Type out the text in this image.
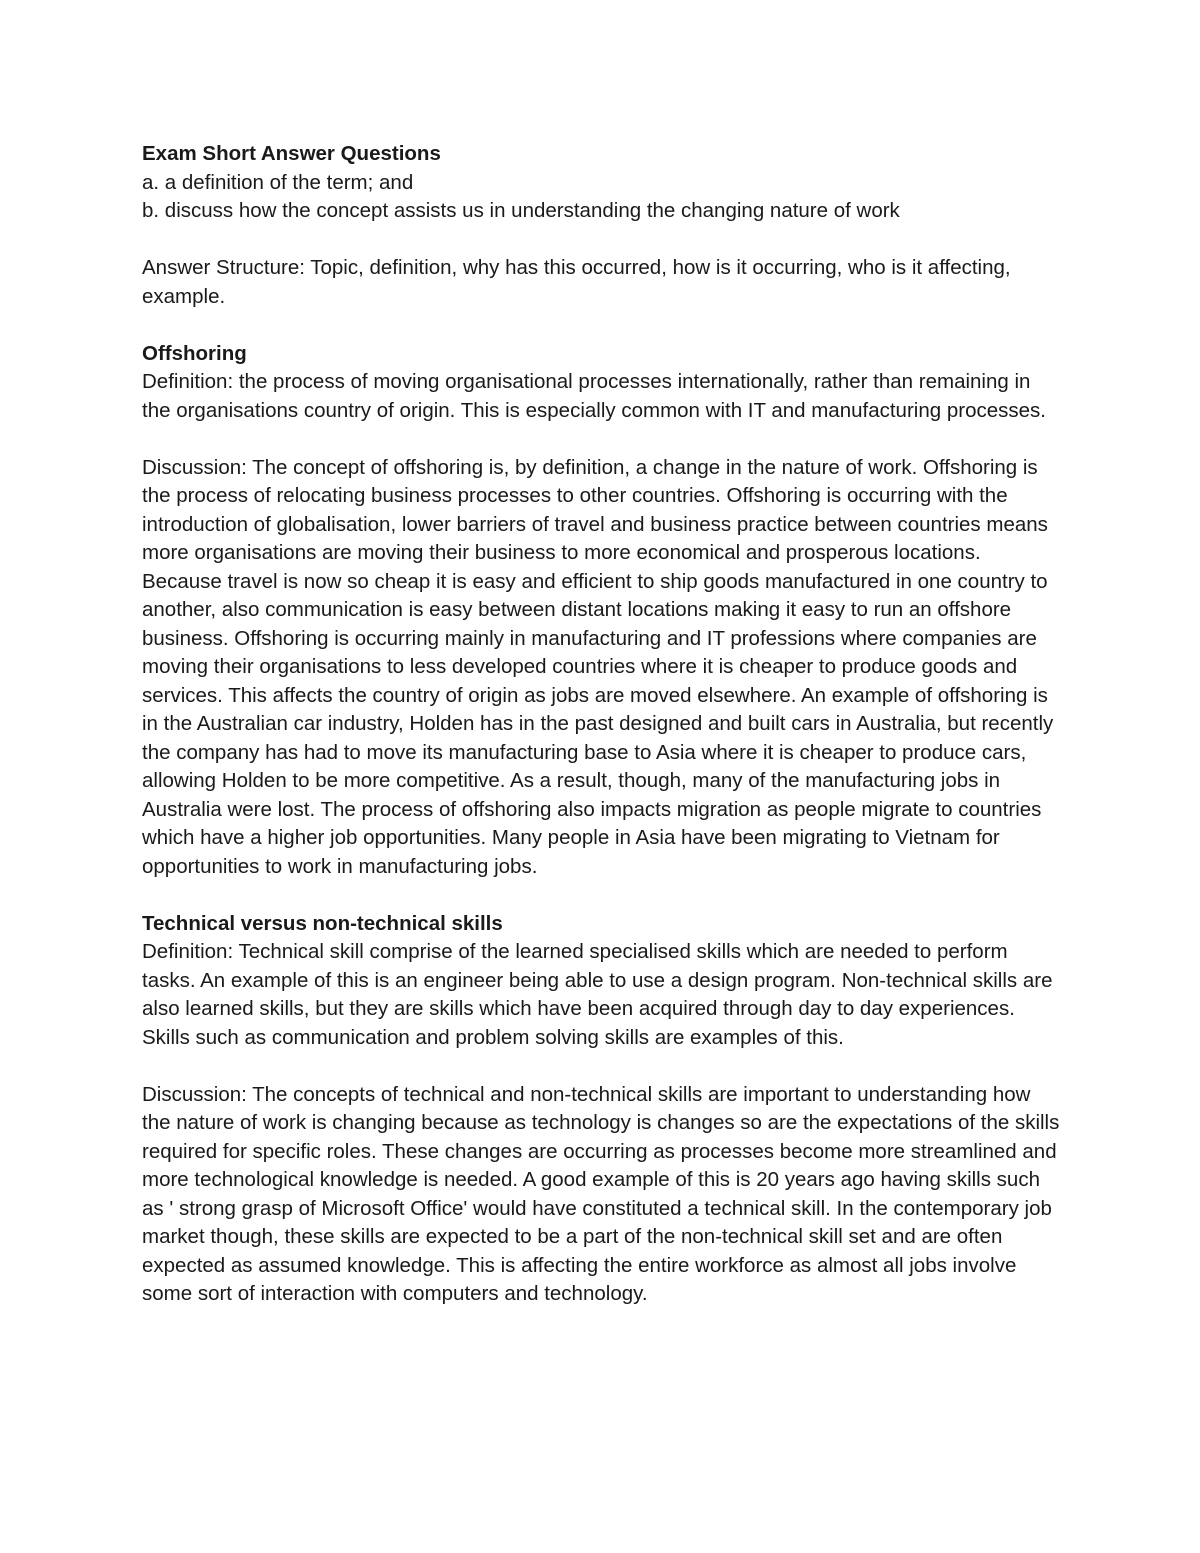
Exam Short Answer Questions

a. a definition of the term; and

b. discuss how the concept assists us in understanding the changing nature of work

Answer Structure: Topic, definition, why has this occurred, how is it occurring, who is it affecting, example.

Offshoring

Definition: the process of moving organisational processes internationally, rather than remaining in the organisations country of origin. This is especially common with IT and manufacturing processes.

Discussion: The concept of offshoring is, by definition, a change in the nature of work. Offshoring is the process of relocating business processes to other countries. Offshoring is occurring with the introduction of globalisation, lower barriers of travel and business practice between countries means more organisations are moving their business to more economical and prosperous locations. Because travel is now so cheap it is easy and efficient to ship goods manufactured in one country to another, also communication is easy between distant locations making it easy to run an offshore business. Offshoring is occurring mainly in manufacturing and IT professions where companies are moving their organisations to less developed countries where it is cheaper to produce goods and services. This affects the country of origin as jobs are moved elsewhere. An example of offshoring is in the Australian car industry, Holden has in the past designed and built cars in Australia, but recently the company has had to move its manufacturing base to Asia where it is cheaper to produce cars, allowing Holden to be more competitive. As a result, though, many of the manufacturing jobs in Australia were lost. The process of offshoring also impacts migration as people migrate to countries which have a higher job opportunities. Many people in Asia have been migrating to Vietnam for opportunities to work in manufacturing jobs.

Technical versus non-technical skills

Definition: Technical skill comprise of the learned specialised skills which are needed to perform tasks. An example of this is an engineer being able to use a design program. Non-technical skills are also learned skills, but they are skills which have been acquired through day to day experiences. Skills such as communication and problem solving skills are examples of this.

Discussion: The concepts of technical and non-technical skills are important to understanding how the nature of work is changing because as technology is changes so are the expectations of the skills required for specific roles. These changes are occurring as processes become more streamlined and more technological knowledge is needed. A good example of this is 20 years ago having skills such as ' strong grasp of Microsoft Office' would have constituted a technical skill. In the contemporary job market though, these skills are expected to be a part of the non-technical skill set and are often expected as assumed knowledge. This is affecting the entire workforce as almost all jobs involve some sort of interaction with computers and technology.
